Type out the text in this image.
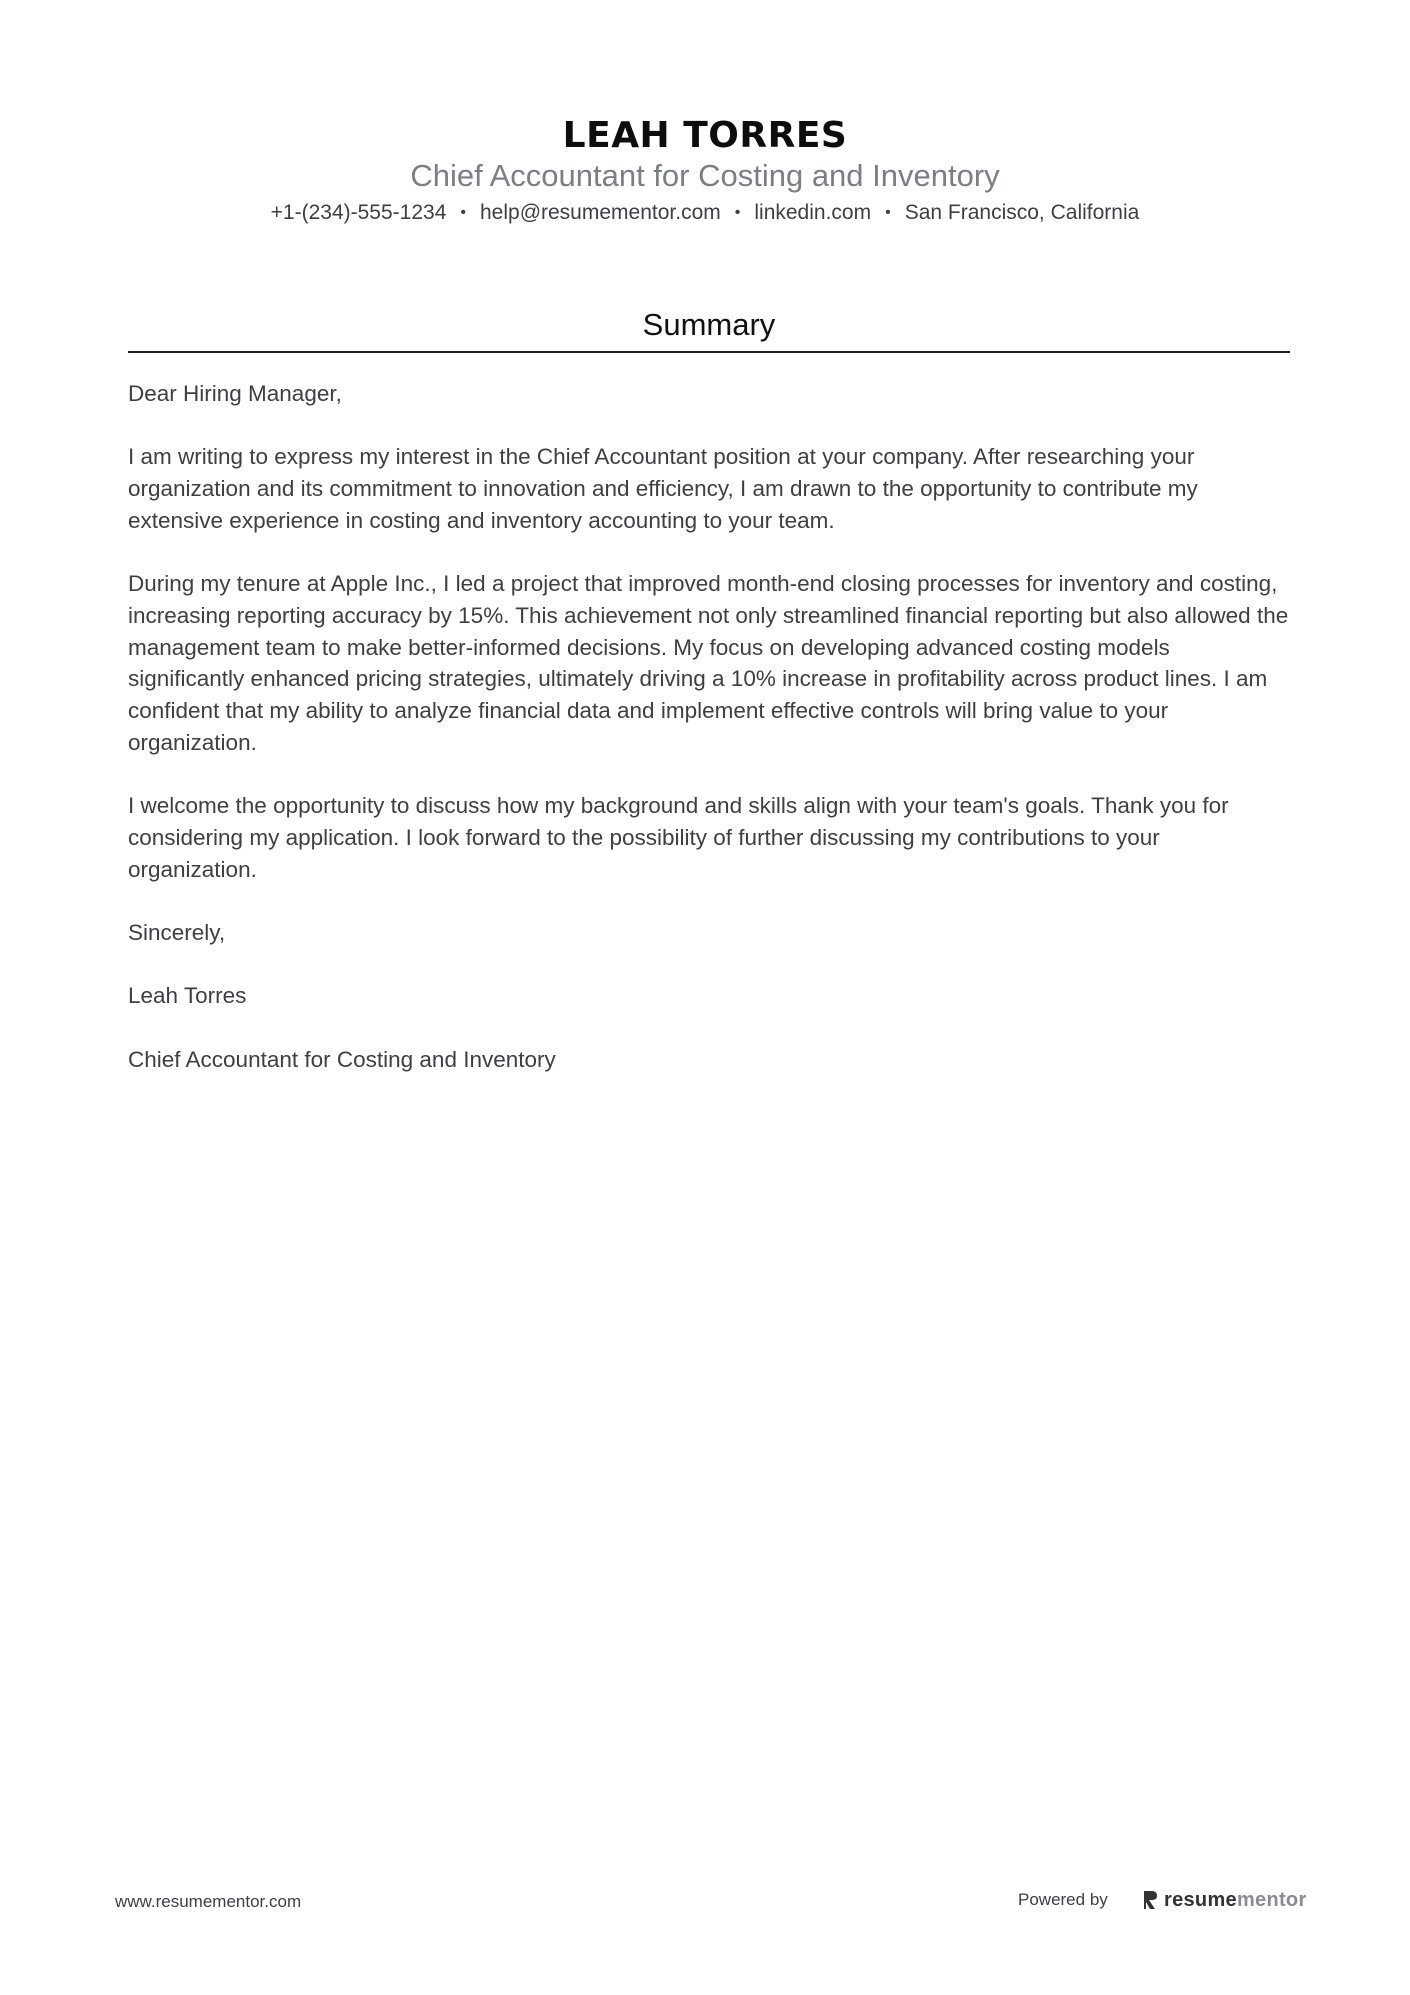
LEAH TORRES
Chief Accountant for Costing and Inventory
+1-(234)-555-1234 • help@resumementor.com • linkedin.com • San Francisco, California
Summary

Dear Hiring Manager,

I am writing to express my interest in the Chief Accountant position at your company. After researching your organization and its commitment to innovation and efficiency, I am drawn to the opportunity to contribute my extensive experience in costing and inventory accounting to your team.

During my tenure at Apple Inc., I led a project that improved month-end closing processes for inventory and costing, increasing reporting accuracy by 15%. This achievement not only streamlined financial reporting but also allowed the management team to make better-informed decisions. My focus on developing advanced costing models significantly enhanced pricing strategies, ultimately driving a 10% increase in profitability across product lines. I am confident that my ability to analyze financial data and implement effective controls will bring value to your organization.

I welcome the opportunity to discuss how my background and skills align with your team's goals. Thank you for considering my application. I look forward to the possibility of further discussing my contributions to your organization.

Sincerely,

Leah Torres

Chief Accountant for Costing and Inventory

www.resumementor.com	Powered by	resumementor
